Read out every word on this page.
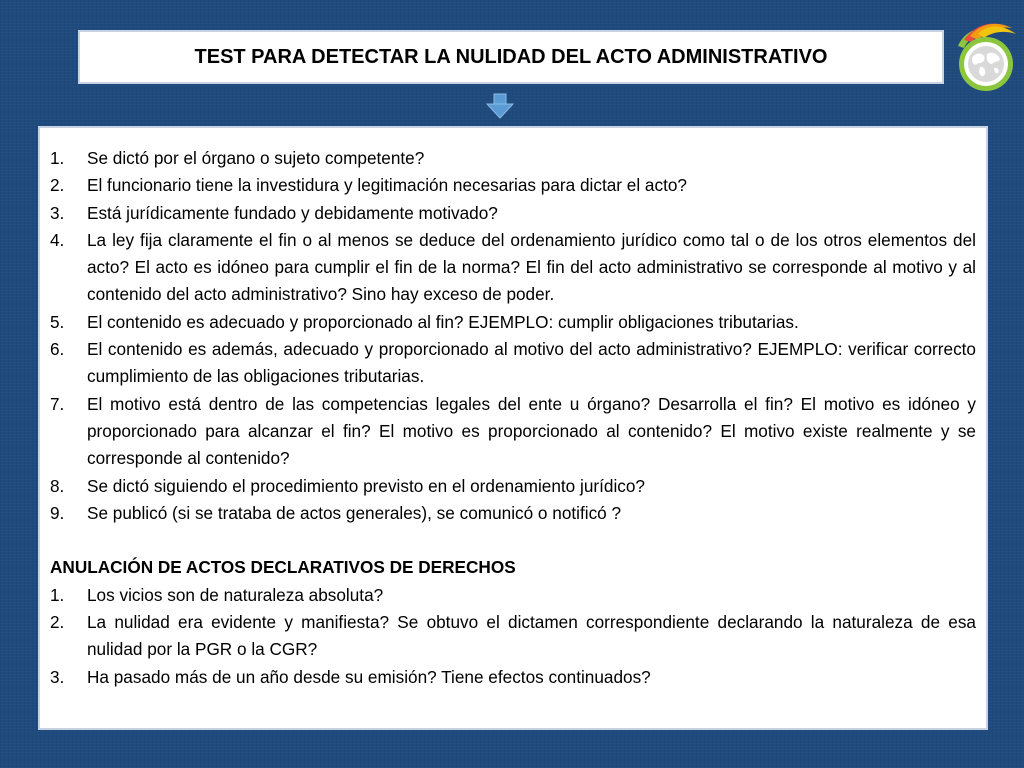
TEST PARA DETECTAR LA NULIDAD DEL ACTO ADMINISTRATIVO
1. Se dictó por el órgano o sujeto competente?
2. El funcionario tiene la investidura y legitimación necesarias para dictar el acto?
3. Está jurídicamente fundado y debidamente motivado?
4. La ley fija claramente el fin o al menos se deduce del ordenamiento jurídico como tal o de los otros elementos del acto? El acto es idóneo para cumplir el fin de la norma? El fin del acto administrativo se corresponde al motivo y al contenido del acto administrativo? Sino hay exceso de poder.
5. El contenido es adecuado y proporcionado al fin? EJEMPLO: cumplir obligaciones tributarias.
6. El contenido es además, adecuado y proporcionado al motivo del acto administrativo? EJEMPLO: verificar correcto cumplimiento de las obligaciones tributarias.
7. El motivo está dentro de las competencias legales del ente u órgano? Desarrolla el fin? El motivo es idóneo y proporcionado para alcanzar el fin? El motivo es proporcionado al contenido? El motivo existe realmente y se corresponde al contenido?
8. Se dictó siguiendo el procedimiento previsto en el ordenamiento jurídico?
9. Se publicó (si se trataba de actos generales), se comunicó o notificó ?
ANULACIÓN DE ACTOS DECLARATIVOS DE DERECHOS
1. Los vicios son de naturaleza absoluta?
2. La nulidad era evidente y manifiesta? Se obtuvo el dictamen correspondiente declarando la naturaleza de esa nulidad por la PGR o la CGR?
3. Ha pasado más de un año desde su emisión? Tiene efectos continuados?
